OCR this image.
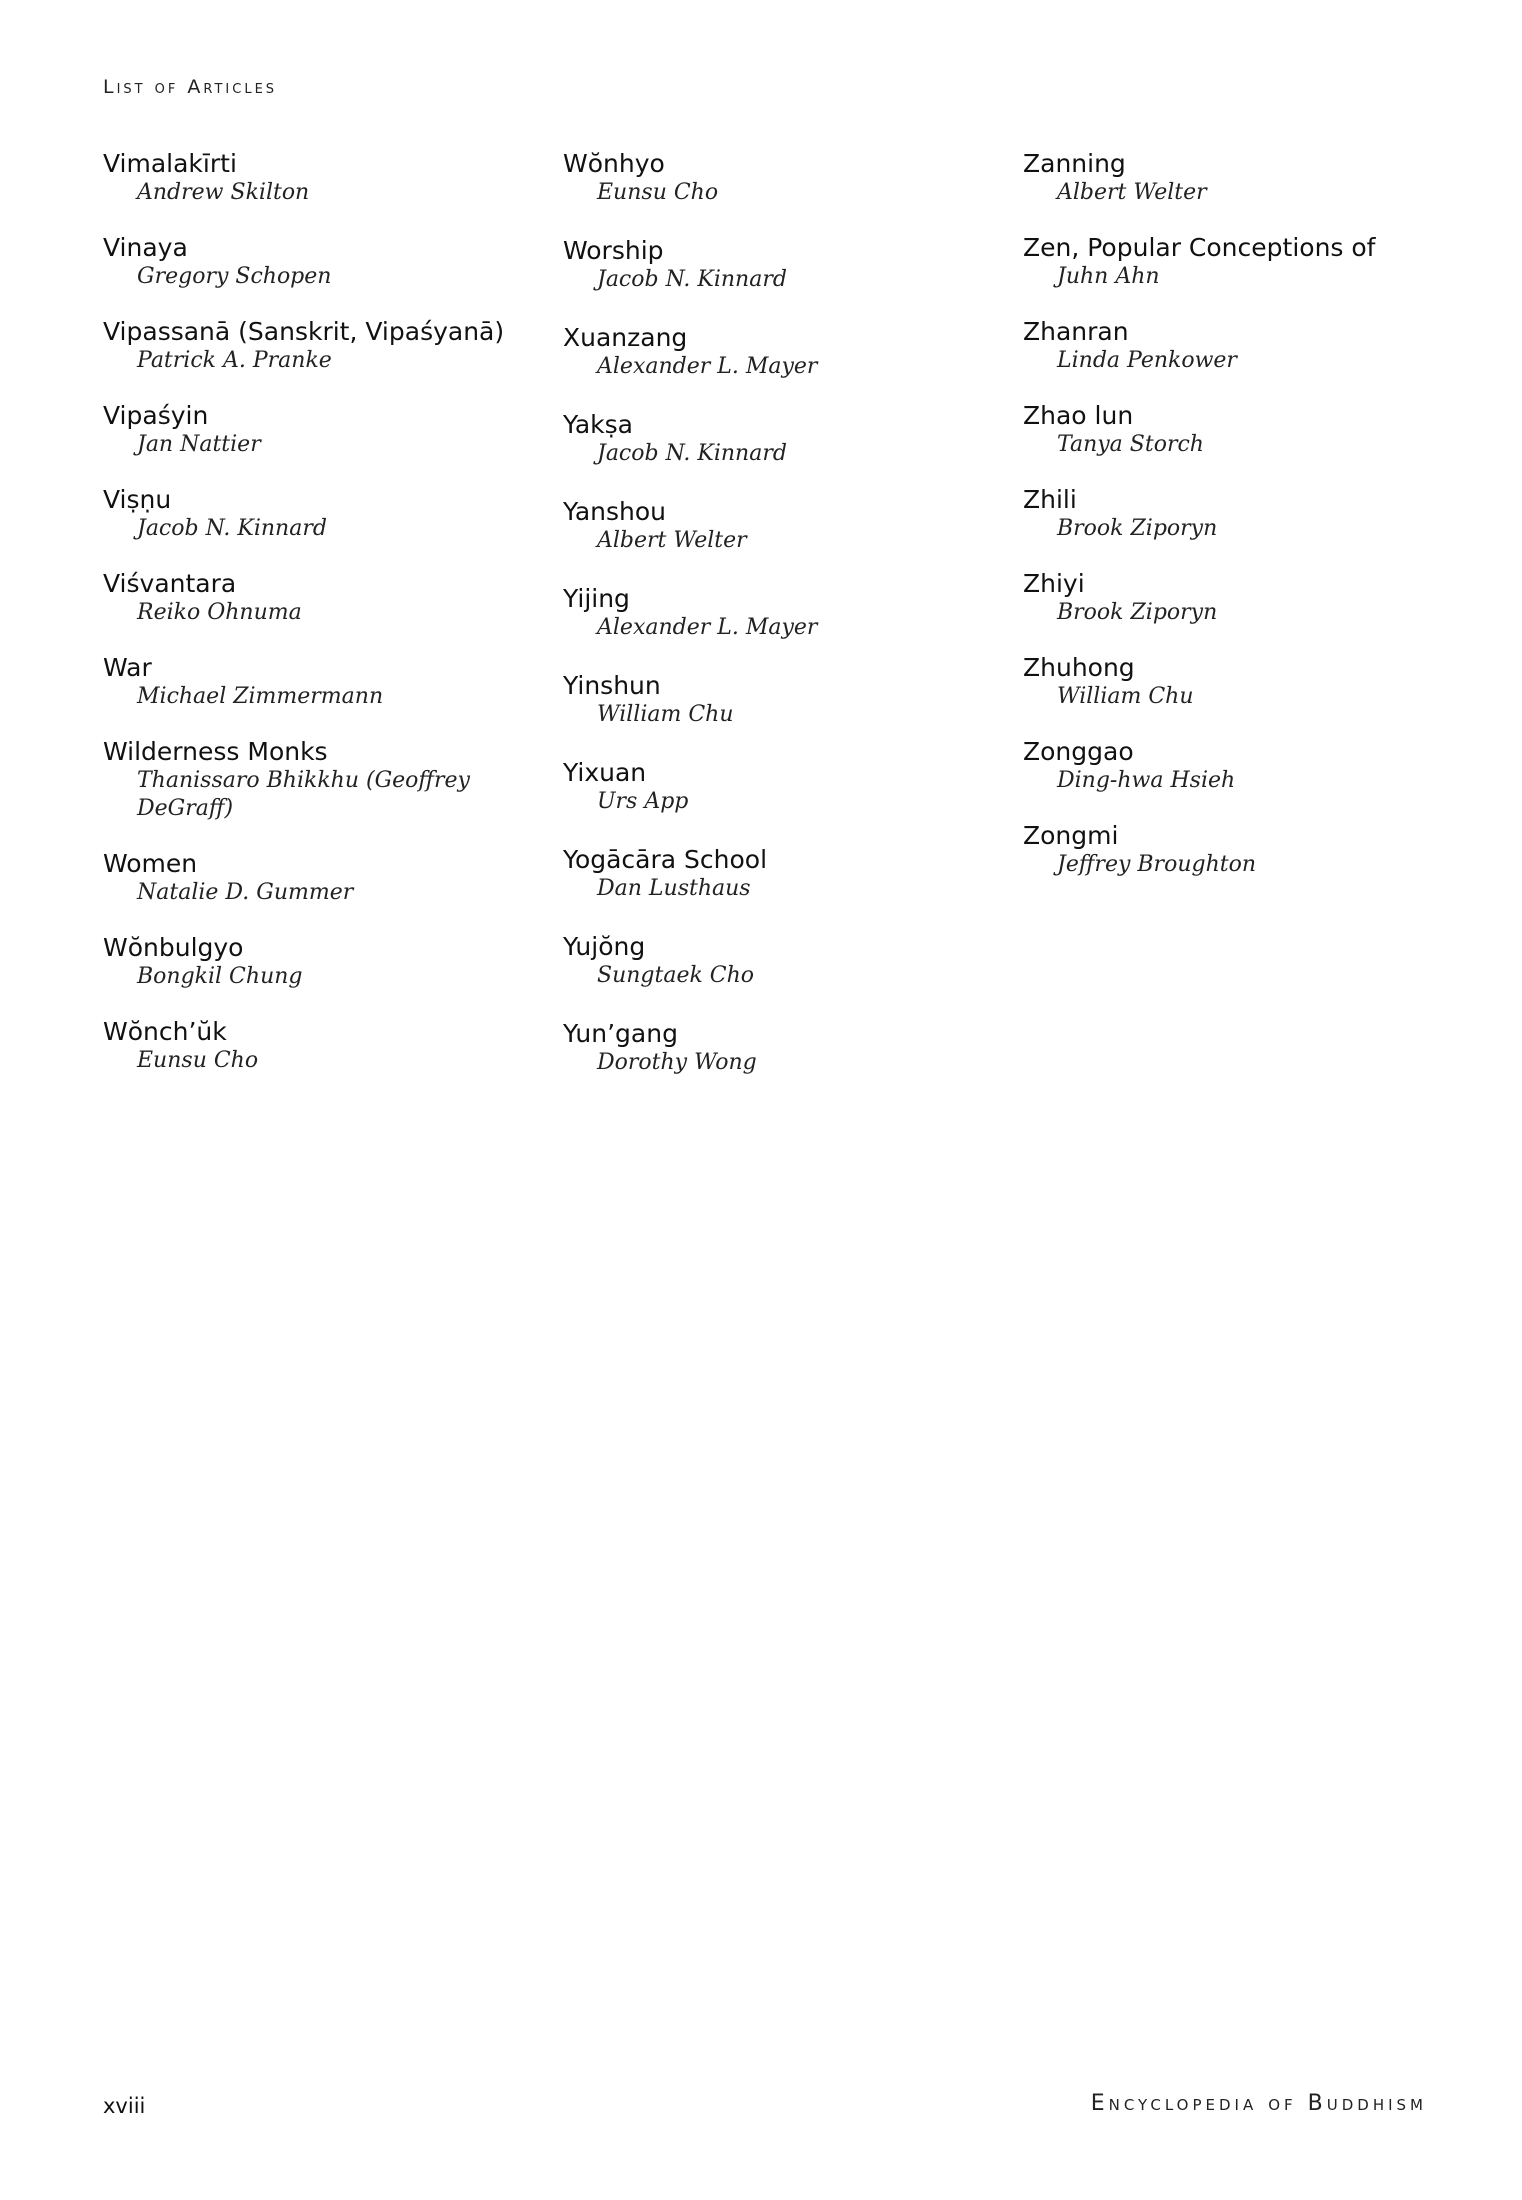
List of Articles
Vimalakīrti
Andrew Skilton
Vinaya
Gregory Schopen
Vipassanā (Sanskrit, Vipaśyanā)
Patrick A. Pranke
Vipaśyin
Jan Nattier
Viṣṇu
Jacob N. Kinnard
Viśvantara
Reiko Ohnuma
War
Michael Zimmermann
Wilderness Monks
Thanissaro Bhikkhu (Geoffrey DeGraff)
Women
Natalie D. Gummer
Wŏnbulgyo
Bongkil Chung
Wŏnch’ŭk
Eunsu Cho
Wŏnhyo
Eunsu Cho
Worship
Jacob N. Kinnard
Xuanzang
Alexander L. Mayer
Yakṣa
Jacob N. Kinnard
Yanshou
Albert Welter
Yijing
Alexander L. Mayer
Yinshun
William Chu
Yixuan
Urs App
Yogācāra School
Dan Lusthaus
Yujŏng
Sungtaek Cho
Yun’gang
Dorothy Wong
Zanning
Albert Welter
Zen, Popular Conceptions of
Juhn Ahn
Zhanran
Linda Penkower
Zhao lun
Tanya Storch
Zhili
Brook Ziporyn
Zhiyi
Brook Ziporyn
Zhuhong
William Chu
Zonggao
Ding-hwa Hsieh
Zongmi
Jeffrey Broughton
xviii	Encyclopedia of Buddhism
